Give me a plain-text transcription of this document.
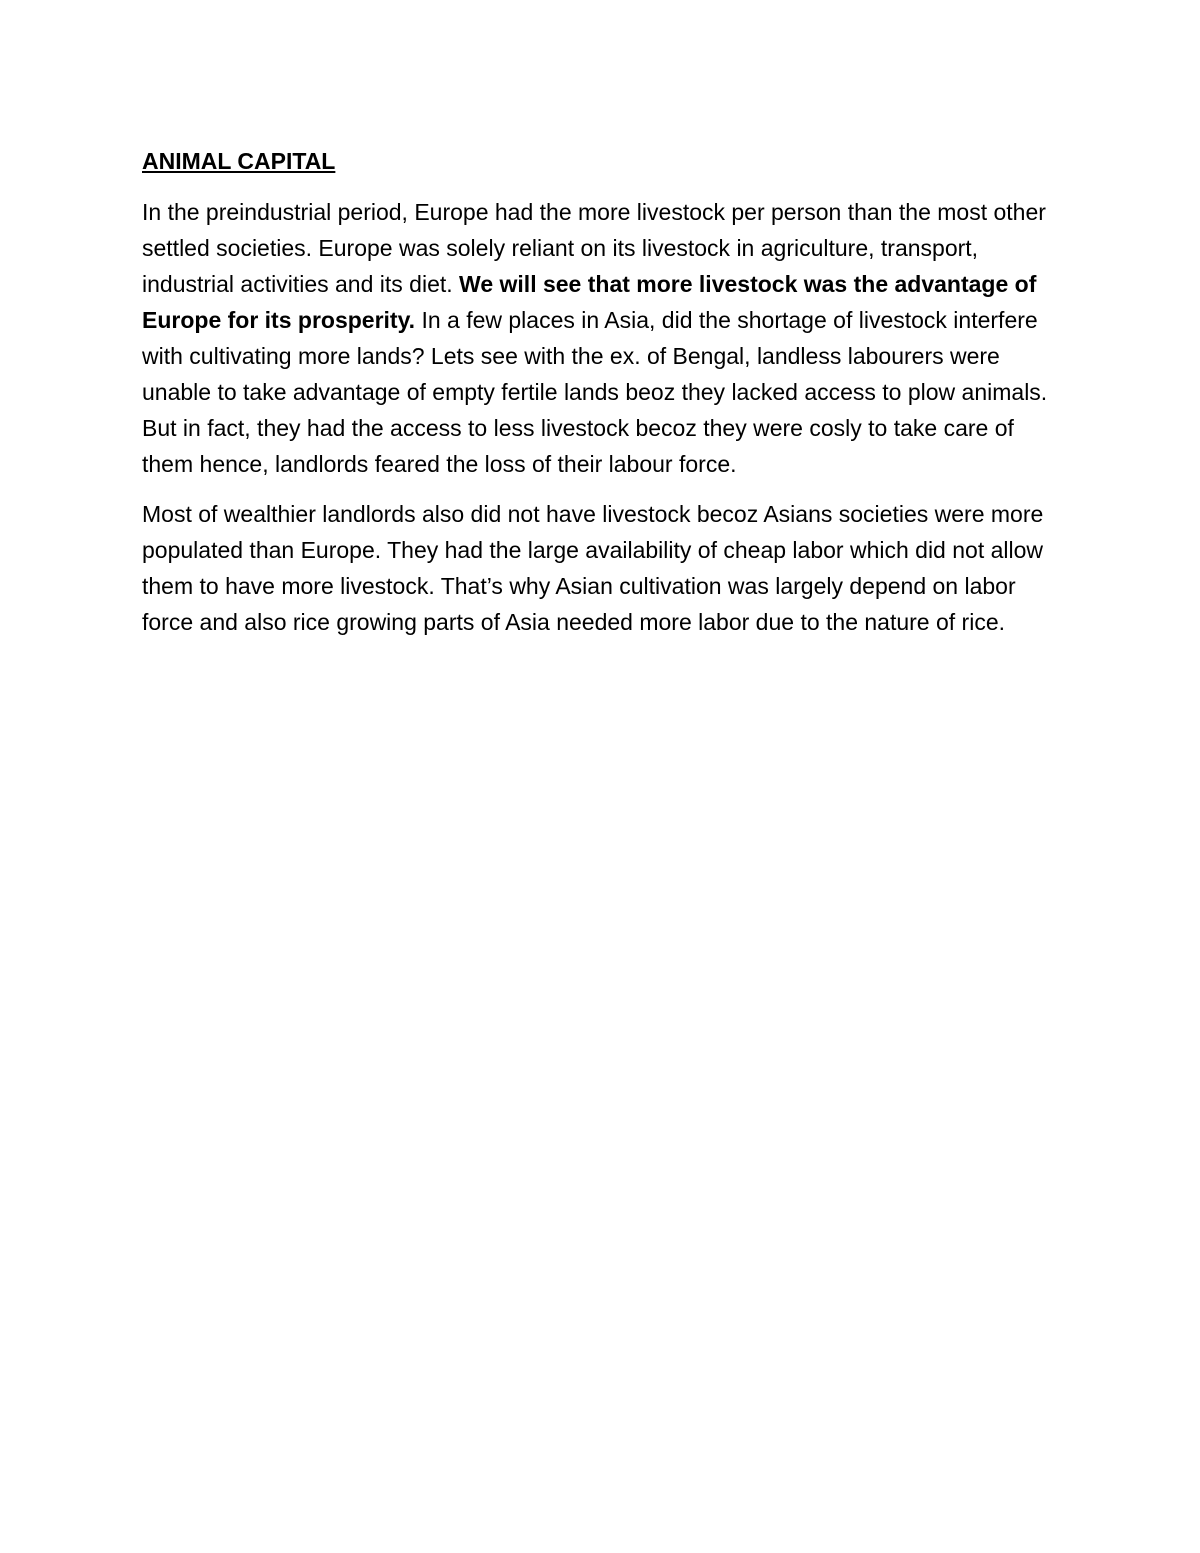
ANIMAL CAPITAL

In the preindustrial period, Europe had the more livestock per person than the most other settled societies. Europe was solely reliant on its livestock in agriculture, transport, industrial activities and its diet. We will see that more livestock was the advantage of Europe for its prosperity. In a few places in Asia, did the shortage of livestock interfere with cultivating more lands? Lets see with the ex. of Bengal, landless labourers were unable to take advantage of empty fertile lands beoz they lacked access to plow animals. But in fact, they had the access to less livestock becoz they were cosly to take care of them hence, landlords feared the loss of their labour force.

Most of wealthier landlords also did not have livestock becoz Asians societies were more populated than Europe. They had the large availability of cheap labor which did not allow them to have more livestock. That’s why Asian cultivation was largely depend on labor force and also rice growing parts of Asia needed more labor due to the nature of rice.
